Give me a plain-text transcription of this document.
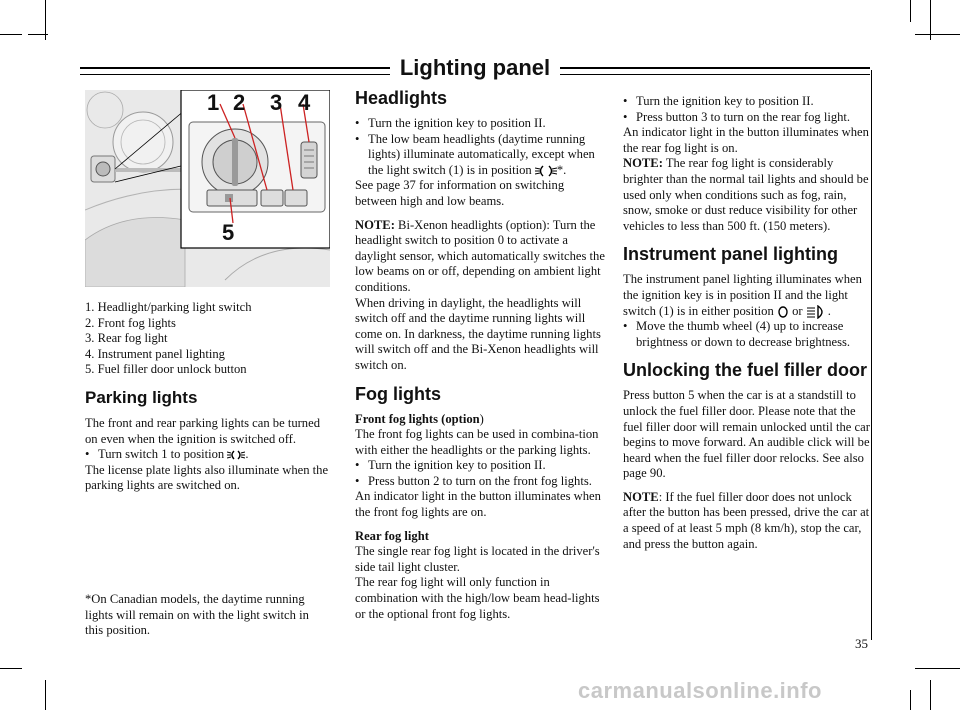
Lighting panel
1 2 3 4
5
1. Headlight/parking light switch
2. Front fog lights
3. Rear fog light
4. Instrument panel lighting
5. Fuel filler door unlock button
Parking lights
The front and rear parking lights can be turned on even when the ignition is switched off.
• Turn switch 1 to position .
The license plate lights also illuminate when the parking lights are switched on.
*On Canadian models, the daytime running lights will remain on with the light switch in this position.
Headlights
• Turn the ignition key to position II.
• The low beam headlights (daytime running lights) illuminate automatically, except when the light switch (1) is in position *.

See page 37 for information on switching between high and low beams.

NOTE: Bi-Xenon headlights (option): Turn the headlight switch to position 0 to activate a daylight sensor, which automatically switches the low beams on or off, depending on ambient light conditions.

When driving in daylight, the headlights will switch off and the daytime running lights will come on. In darkness, the daytime running lights will switch off and the Bi-Xenon headlights will switch on.

Fog lights
Front fog lights (option)
The front fog lights can be used in combina-tion with either the headlights or the parking lights.
• Turn the ignition key to position II.
• Press button 2 to turn on the front fog lights.

An indicator light in the button illuminates when the front fog lights are on.

Rear fog light
The single rear fog light is located in the driver's side tail light cluster.
The rear fog light will only function in combination with the high/low beam head-lights or the optional front fog lights.
• Turn the ignition key to position II.
• Press button 3 to turn on the rear fog light.
An indicator light in the button illuminates when the rear fog light is on.

NOTE: The rear fog light is considerably brighter than the normal tail lights and should be used only when conditions such as fog, rain, snow, smoke or dust reduce visibility for other vehicles to less than 500 ft. (150 meters).

Instrument panel lighting
The instrument panel lighting illuminates when the ignition key is in position II and the light switch (1) is in either position or .
• Move the thumb wheel (4) up to increase brightness or down to decrease brightness.
Unlocking the fuel filler door

Press button 5 when the car is at a standstill to unlock the fuel filler door. Please note that the fuel filler door will remain unlocked until the car begins to move forward. An audible click will be heard when the fuel filler door relocks. See also page 90.

NOTE: If the fuel filler door does not unlock after the button has been pressed, drive the car at a speed of at least 5 mph (8 km/h), stop the car, and press the button again.
35
carmanualsonline.info
